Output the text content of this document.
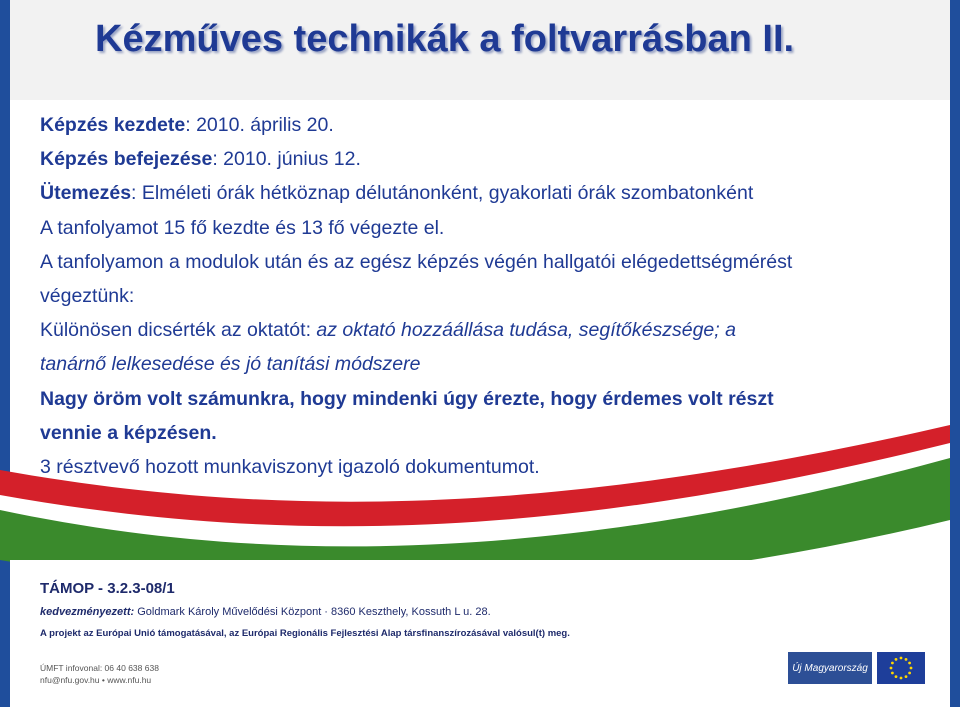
Kézműves technikák a foltvarrásban II.

Képzés kezdete: 2010. április 20.

Képzés befejezése: 2010. június 12.

Ütemezés: Elméleti órák hétköznap délutánonként, gyakorlati órák szombatonként

A tanfolyamot 15 fő kezdte és 13 fő végezte el.

A tanfolyamon a modulok után és az egész képzés végén hallgatói elégedettségmérést

végeztünk:

Különösen dicsérték az oktatót: az oktató hozzáállása tudása, segítőkészsége; a

tanárnő lelkesedése és jó tanítási módszere

Nagy öröm volt számunkra, hogy mindenki úgy érezte, hogy érdemes volt részt

vennie a képzésen.

3 résztvevő hozott munkaviszonyt igazoló dokumentumot.

TÁMOP - 3.2.3-08/1
kedvezményezett: Goldmark Károly Művelődési Központ · 8360 Keszthely, Kossuth L u. 28.
A projekt az Európai Unió támogatásával, az Európai Regionális Fejlesztési Alap társfinanszírozásával valósul(t) meg.
ÚMFT infovonal: 06 40 638 638
nfu@nfu.gov.hu • www.nfu.hu
Új Magyarország
